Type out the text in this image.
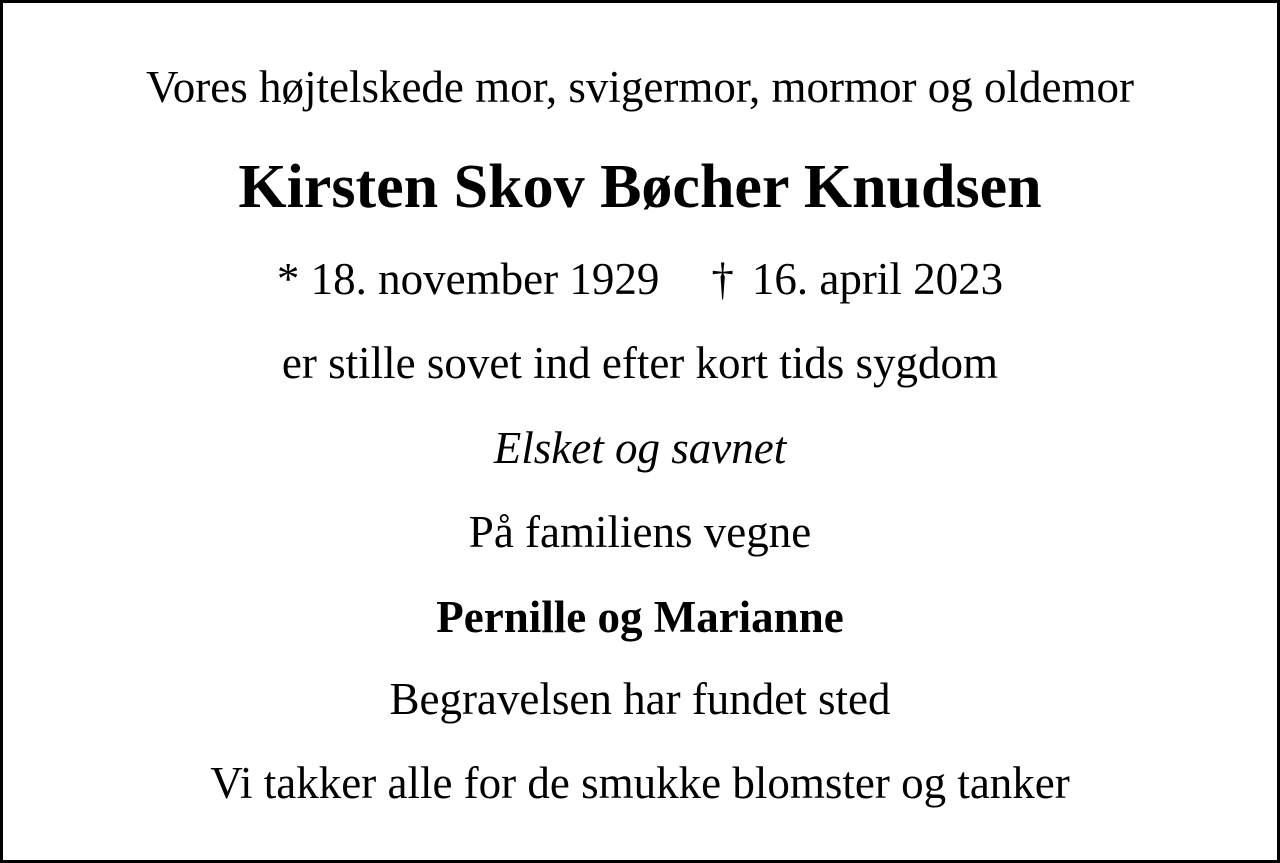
Vores højtelskede mor, svigermor, mormor og oldemor
Kirsten Skov Bøcher Knudsen
* 18. november 1929 † 16. april 2023
er stille sovet ind efter kort tids sygdom
Elsket og savnet
På familiens vegne
Pernille og Marianne
Begravelsen har fundet sted
Vi takker alle for de smukke blomster og tanker
